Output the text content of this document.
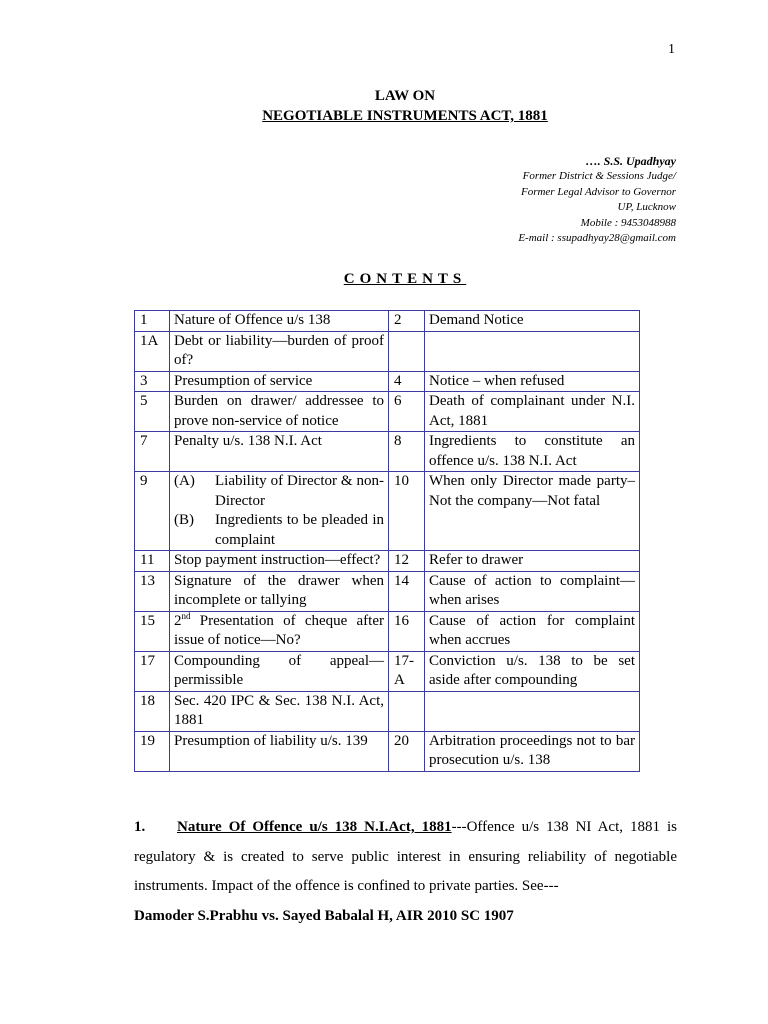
1
LAW ON
NEGOTIABLE INSTRUMENTS ACT, 1881
…. S.S. Upadhyay
Former District & Sessions Judge/
Former Legal Advisor to Governor
UP, Lucknow
Mobile : 9453048988
E-mail : ssupadhyay28@gmail.com
CONTENTS
1	Nature of Offence u/s 138	2	Demand Notice
1A	Debt or liability—burden of proof of?		
3	Presumption of service	4	Notice – when refused
5	Burden on drawer/ addressee to prove non-service of notice	6	Death of complainant under N.I. Act, 1881
7	Penalty u/s. 138 N.I. Act	8	Ingredients to constitute an offence u/s. 138 N.I. Act
9	(A) Liability of Director & non-Director
(B) Ingredients to be pleaded in complaint	10	When only Director made party– Not the company—Not fatal
11	Stop payment instruction—effect?	12	Refer to drawer
13	Signature of the drawer when incomplete or tallying	14	Cause of action to complaint—when arises
15	2nd Presentation of cheque after issue of notice—No?	16	Cause of action for complaint when accrues
17	Compounding of appeal—permissible	17-A	Conviction u/s. 138 to be set aside after compounding
18	Sec. 420 IPC & Sec. 138 N.I. Act, 1881		
19	Presumption of liability u/s. 139	20	Arbitration proceedings not to bar prosecution u/s. 138
1. Nature Of Offence u/s 138 N.I.Act, 1881---Offence u/s 138 NI Act, 1881 is regulatory & is created to serve public interest in ensuring reliability of negotiable instruments. Impact of the offence is confined to private parties. See---
Damoder S.Prabhu vs. Sayed Babalal H, AIR 2010 SC 1907
